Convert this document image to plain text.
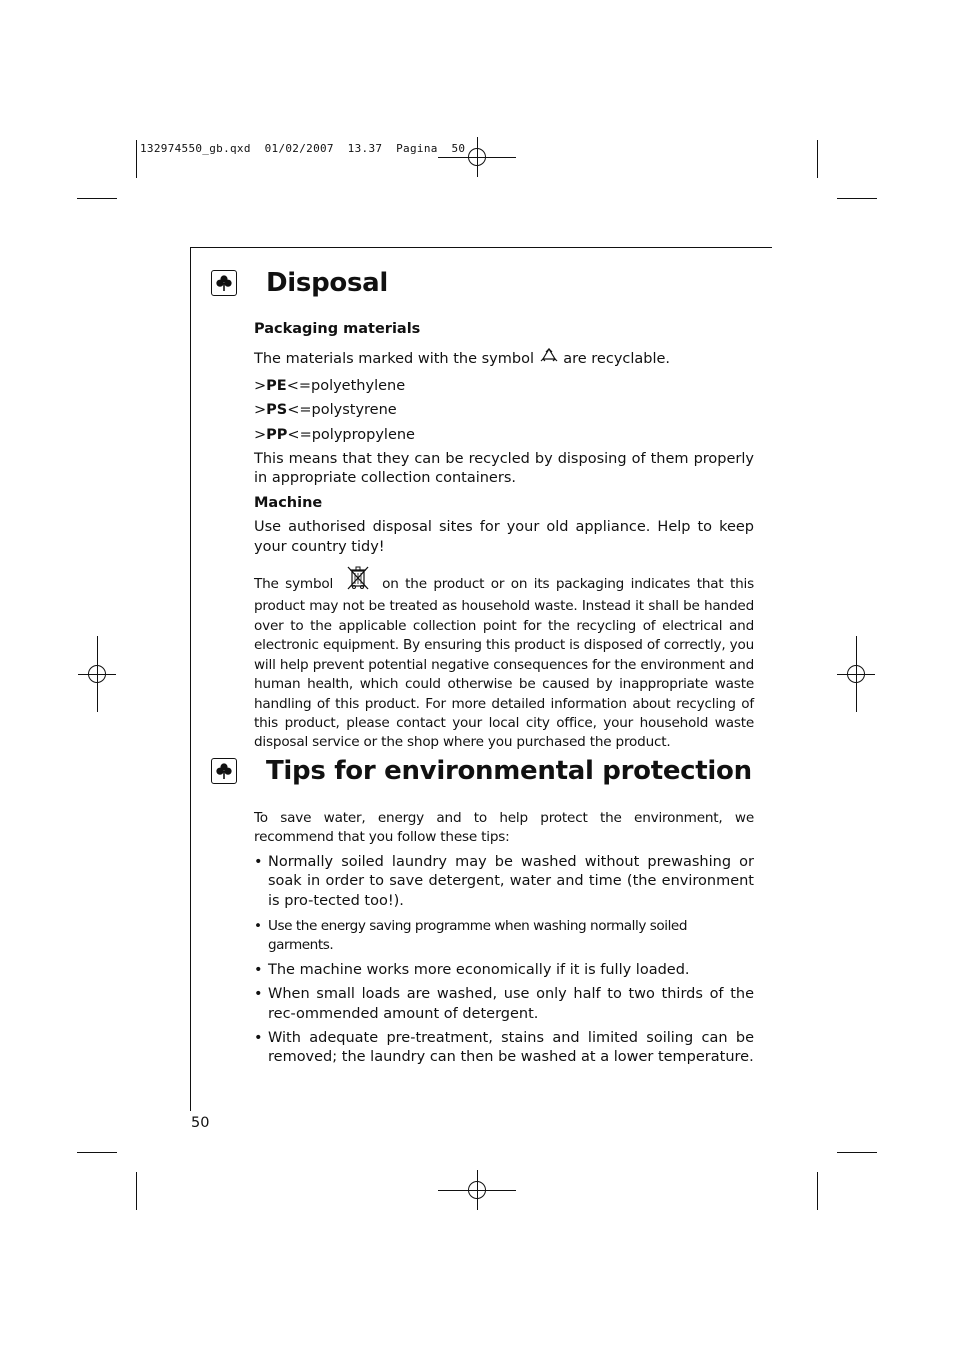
132974550_gb.qxd  01/02/2007  13.37  Pagina  50
Disposal

Packaging materials

The materials marked with the symbol are recyclable.

>PE<=polyethylene

>PS<=polystyrene

>PP<=polypropylene

This means that they can be recycled by disposing of them properly in appropriate collection containers.

Machine

Use authorised disposal sites for your old appliance. Help to keep your country tidy!

The symbol	on the product or on its packaging indicates that this product may not be treated as household waste. Instead it shall be handed over to the applicable collection point for the recycling of electrical and electronic equipment. By ensuring this product is disposed of correctly, you will help prevent potential negative consequences for the environment and human health, which could otherwise be caused by inappropriate waste handling of this product. For more detailed information about recycling of this product, please contact your local city office, your household waste disposal service or the shop where you purchased the product.

Tips for environmental protection

To save water, energy and to help protect the environment, we recommend that you follow these tips:

• Normally soiled laundry may be washed without prewashing or soak in order to save detergent, water and time (the environment is pro-tected too!).
• Use the energy saving programme when washing normally soiled garments.
• The machine works more economically if it is fully loaded.
• When small loads are washed, use only half to two thirds of the rec-ommended amount of detergent.
• With adequate pre-treatment, stains and limited soiling can be removed; the laundry can then be washed at a lower temperature.
50
